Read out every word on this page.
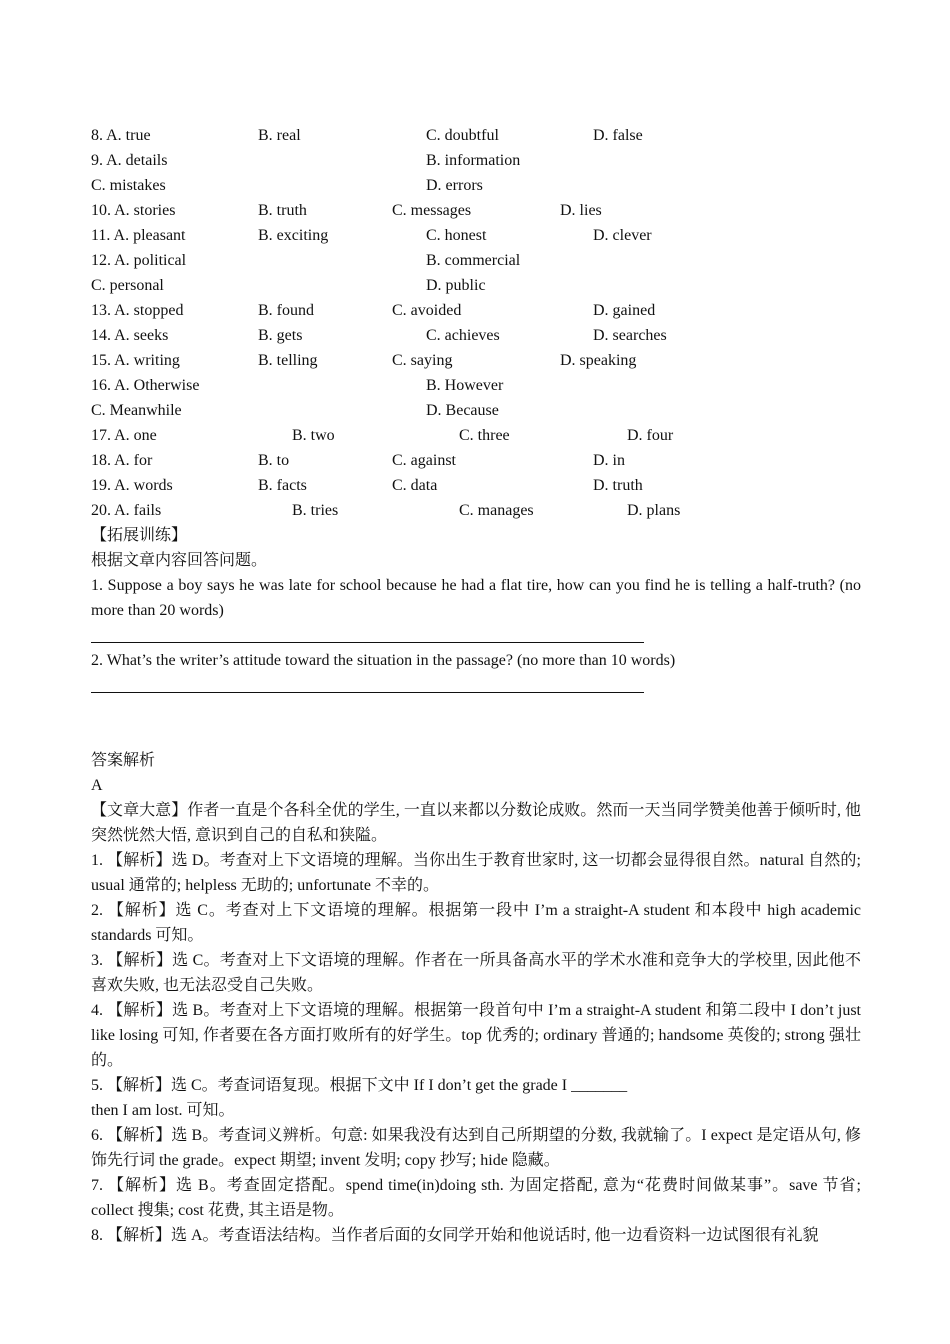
8. A. true	B. real	C. doubtful	D. false
9. A. details	B. information
C. mistakes	D. errors
10. A. stories	B. truth	C. messages	D. lies
11. A. pleasant	B. exciting	C. honest	D. clever
12. A. political	B. commercial
C. personal	D. public
13. A. stopped	B. found	C. avoided	D. gained
14. A. seeks	B. gets	C. achieves	D. searches
15. A. writing	B. telling	C. saying	D. speaking
16. A. Otherwise	B. However
C. Meanwhile	D. Because
17. A. one	B. two	C. three	D. four
18. A. for	B. to	C. against	D. in
19. A. words	B. facts	C. data	D. truth
20. A. fails	B. tries	C. manages	D. plans
【拓展训练】
根据文章内容回答问题。
1. Suppose a boy says he was late for school because he had a flat tire, how can you find he is telling a half-truth? (no more than 20 words)
2. What’s the writer’s attitude toward the situation in the passage? (no more than 10 words)
答案解析
A
【文章大意】作者一直是个各科全优的学生, 一直以来都以分数论成败。然而一天当同学赞美他善于倾听时, 他突然恍然大悟, 意识到自己的自私和狭隘。
1. 【解析】选 D。考查对上下文语境的理解。当你出生于教育世家时, 这一切都会显得很自然。natural 自然的; usual 通常的; helpless 无助的; unfortunate 不幸的。
2. 【解析】选 C。考查对上下文语境的理解。根据第一段中 I’m a straight-A student 和本段中 high academic standards 可知。
3. 【解析】选 C。考查对上下文语境的理解。作者在一所具备高水平的学术水准和竞争大的学校里, 因此他不喜欢失败, 也无法忍受自己失败。
4. 【解析】选 B。考查对上下文语境的理解。根据第一段首句中 I’m a straight-A student 和第二段中 I don’t just like losing 可知, 作者要在各方面打败所有的好学生。top 优秀的; ordinary 普通的; handsome 英俊的; strong 强壮的。
5. 【解析】选 C。考查词语复现。根据下文中 If I don’t get the grade I _______
then I am lost. 可知。
6. 【解析】选 B。考查词义辨析。句意: 如果我没有达到自己所期望的分数, 我就输了。I expect 是定语从句, 修饰先行词 the grade。expect 期望; invent 发明; copy 抄写; hide 隐藏。
7. 【解析】选 B。考查固定搭配。spend time(in)doing sth. 为固定搭配, 意为“花费时间做某事”。save 节省; collect 搜集; cost 花费, 其主语是物。
8. 【解析】选 A。考查语法结构。当作者后面的女同学开始和他说话时, 他一边看资料一边试图很有礼貌
